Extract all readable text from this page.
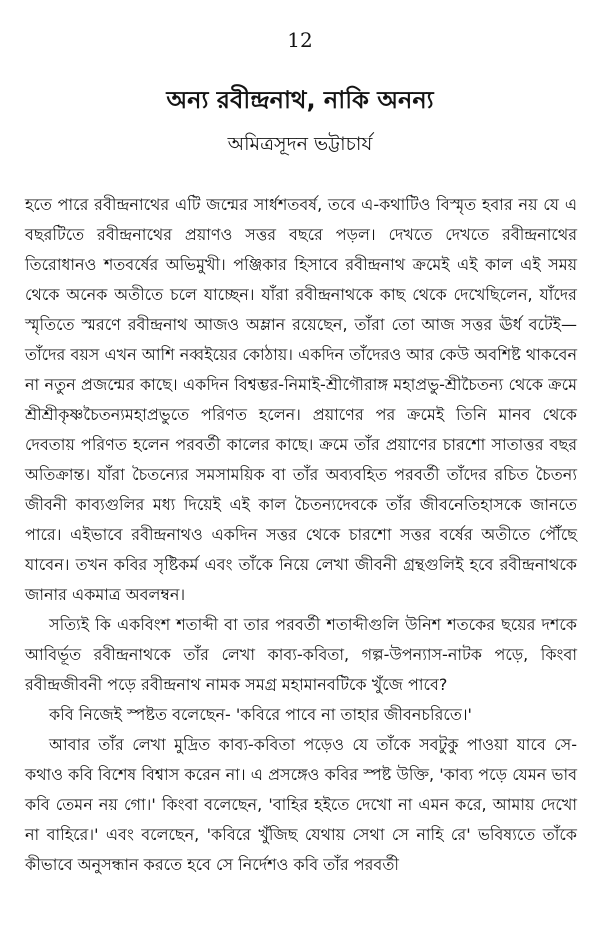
12
অন্য রবীন্দ্রনাথ, নাকি অনন্য
অমিত্রসূদন ভট্টাচার্য

হতে পারে রবীন্দ্রনাথের এটি জন্মের সার্ধশতবর্ষ, তবে এ-কথাটিও বিস্মৃত হবার নয় যে এ বছরটিতে রবীন্দ্রনাথের প্রয়াণও সত্তর বছরে পড়ল। দেখতে দেখতে রবীন্দ্রনাথের তিরোধানও শতবর্ষের অভিমুখী। পঞ্জিকার হিসাবে রবীন্দ্রনাথ ক্রমেই এই কাল এই সময় থেকে অনেক অতীতে চলে যাচ্ছেন। যাঁরা রবীন্দ্রনাথকে কাছ থেকে দেখেছিলেন, যাঁদের স্মৃতিতে স্মরণে রবীন্দ্রনাথ আজও অম্লান রয়েছেন, তাঁরা তো আজ সত্তর ঊর্ধ বটেই—তাঁদের বয়স এখন আশি নব্বইয়ের কোঠায়। একদিন তাঁদেরও আর কেউ অবশিষ্ট থাকবেন না নতুন প্রজন্মের কাছে। একদিন বিশ্বম্ভর-নিমাই-শ্রীগৌরাঙ্গ মহাপ্রভু-শ্রীচৈতন্য থেকে ক্রমে শ্রীশ্রীকৃষ্ণচৈতন্যমহাপ্রভুতে পরিণত হলেন। প্রয়াণের পর ক্রমেই তিনি মানব থেকে দেবতায় পরিণত হলেন পরবর্তী কালের কাছে। ক্রমে তাঁর প্রয়াণের চারশো সাতাত্তর বছর অতিক্রান্ত। যাঁরা চৈতন্যের সমসাময়িক বা তাঁর অব্যবহিত পরবর্তী তাঁদের রচিত চৈতন্য জীবনী কাব্যগুলির মধ্য দিয়েই এই কাল চৈতন্যদেবকে তাঁর জীবনেতিহাসকে জানতে পারে। এইভাবে রবীন্দ্রনাথও একদিন সত্তর থেকে চারশো সত্তর বর্ষের অতীতে পৌঁছে যাবেন। তখন কবির সৃষ্টিকর্ম এবং তাঁকে নিয়ে লেখা জীবনী গ্রন্থগুলিই হবে রবীন্দ্রনাথকে জানার একমাত্র অবলম্বন।

সত্যিই কি একবিংশ শতাব্দী বা তার পরবর্তী শতাব্দীগুলি উনিশ শতকের ছয়ের দশকে আবির্ভূত রবীন্দ্রনাথকে তাঁর লেখা কাব্য-কবিতা, গল্প-উপন্যাস-নাটক পড়ে, কিংবা রবীন্দ্রজীবনী পড়ে রবীন্দ্রনাথ নামক সমগ্র মহামানবটিকে খুঁজে পাবে?

কবি নিজেই স্পষ্টত বলেছেন- 'কবিরে পাবে না তাহার জীবনচরিতে।'

আবার তাঁর লেখা মুদ্রিত কাব্য-কবিতা পড়েও যে তাঁকে সবটুকু পাওয়া যাবে সে-কথাও কবি বিশেষ বিশ্বাস করেন না। এ প্রসঙ্গেও কবির স্পষ্ট উক্তি, 'কাব্য পড়ে যেমন ভাব কবি তেমন নয় গো।' কিংবা বলেছেন, 'বাহির হইতে দেখো না এমন করে, আমায় দেখো না বাহিরে।' এবং বলেছেন, 'কবিরে খুঁজিছ যেথায় সেথা সে নাহি রে' ভবিষ্যতে তাঁকে কীভাবে অনুসন্ধান করতে হবে সে নির্দেশও কবি তাঁর পরবর্তী
